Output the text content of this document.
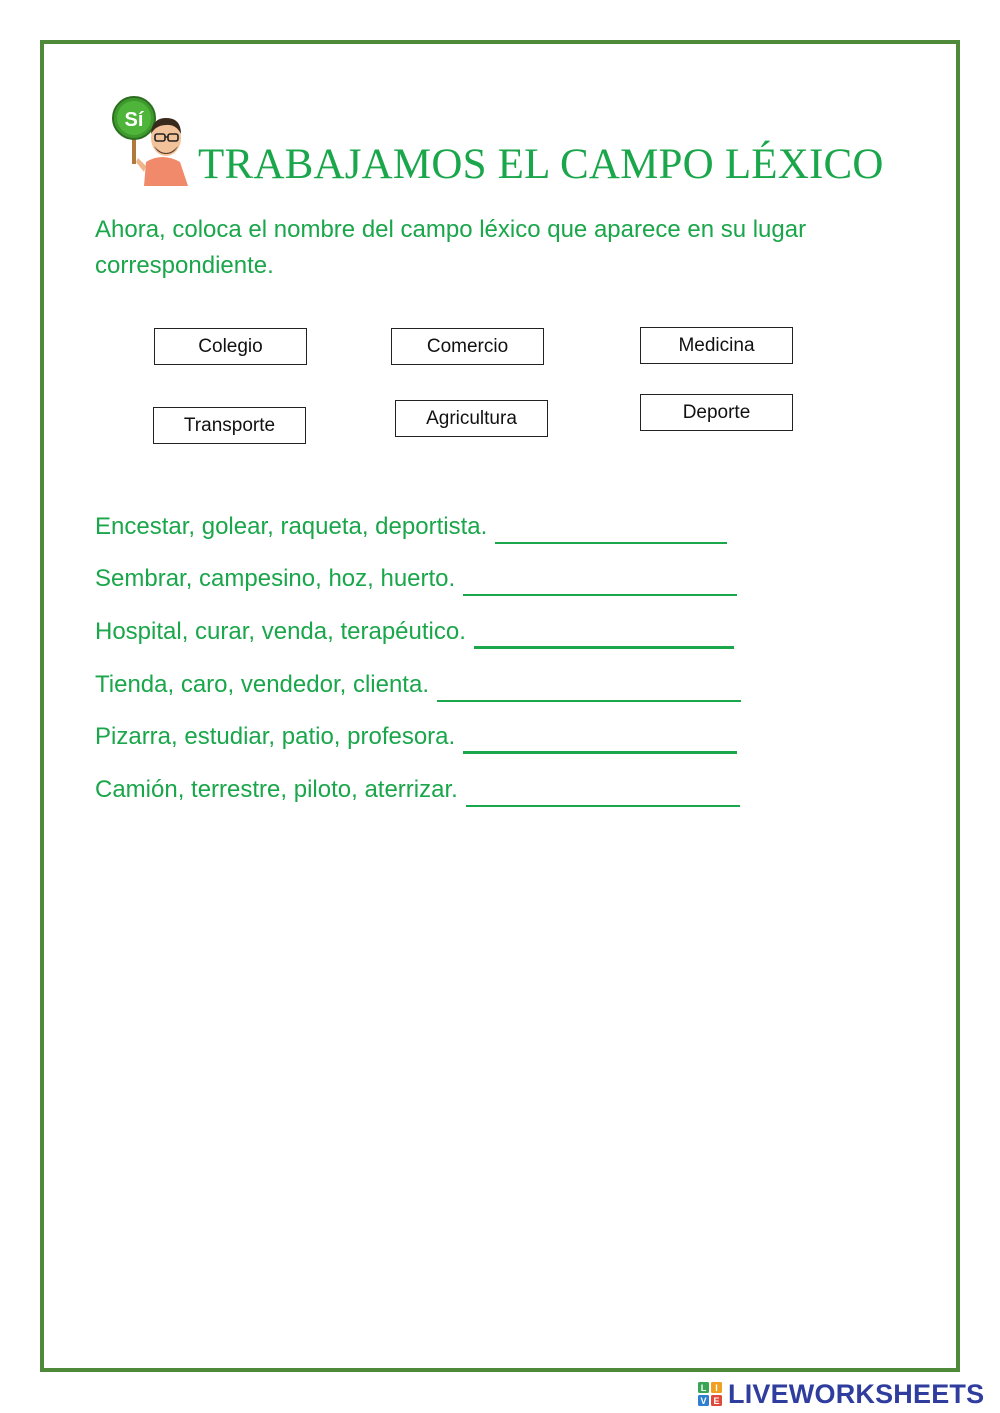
Sí
TRABAJAMOS EL CAMPO LÉXICO
Ahora, coloca el nombre del campo léxico que aparece en su lugar correspondiente.
Colegio	Comercio	Medicina
Transporte	Agricultura	Deporte
Encestar, golear, raqueta, deportista.
Sembrar, campesino, hoz, huerto.
Hospital, curar, venda, terapéutico.
Tienda, caro, vendedor, clienta.
Pizarra, estudiar, patio, profesora.
Camión, terrestre, piloto, aterrizar.
L I
V E LIVEWORKSHEETS
